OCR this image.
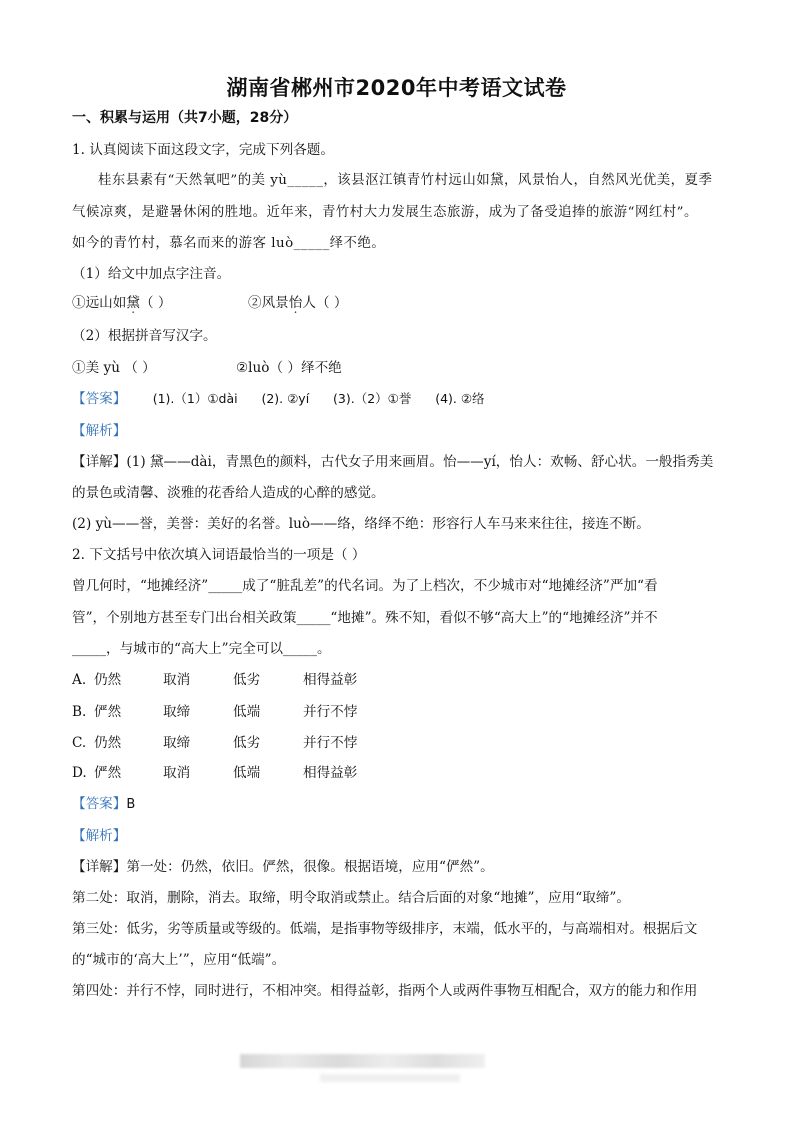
湖南省郴州市2020年中考语文试卷
一、积累与运用（共7小题，28分）
1. 认真阅读下面这段文字，完成下列各题。
桂东县素有“天然氧吧”的美 yù_____，该县沤江镇青竹村远山如黛，风景怡人，自然风光优美，夏季
气候凉爽，是避暑休闲的胜地。近年来，青竹村大力发展生态旅游，成为了备受追捧的旅游“网红村”。
如今的青竹村，慕名而来的游客 luò_____绎不绝。
（1）给文中加点字注音。
①远山如黛（ ）	②风景怡人（ ）
（2）根据拼音写汉字。
①美 yù （ ）	②luò（ ）绎不绝
【答案】 (1).（1）①dài      (2). ②yí      (3).（2）①誉      (4). ②络
【解析】
【详解】(1) 黛——dài，青黑色的颜料，古代女子用来画眉。怡——yí，怡人：欢畅、舒心状。一般指秀美
的景色或清馨、淡雅的花香给人造成的心醉的感觉。
(2) yù——誉，美誉：美好的名誉。luò——络，络绎不绝：形容行人车马来来往往，接连不断。
2. 下文括号中依次填入词语最恰当的一项是（ ）
曾几何时，“地摊经济”_____成了“脏乱差”的代名词。为了上档次，不少城市对“地摊经济”严加“看
管”，个别地方甚至专门出台相关政策_____“地摊”。殊不知，看似不够“高大上”的“地摊经济”并不
_____，与城市的“高大上”完全可以_____。
A. 仍然	取消	低劣	相得益彰
B. 俨然	取缔	低端	并行不悖
C. 仍然	取缔	低劣	并行不悖
D. 俨然	取消	低端	相得益彰
【答案】B
【解析】
【详解】第一处：仍然，依旧。俨然，很像。根据语境，应用“俨然”。
第二处：取消，删除，消去。取缔，明令取消或禁止。结合后面的对象“地摊”，应用“取缔”。
第三处：低劣，劣等质量或等级的。低端，是指事物等级排序，末端，低水平的，与高端相对。根据后文
的“城市的‘高大上’”，应用“低端”。
第四处：并行不悖，同时进行，不相冲突。相得益彰，指两个人或两件事物互相配合，双方的能力和作用
